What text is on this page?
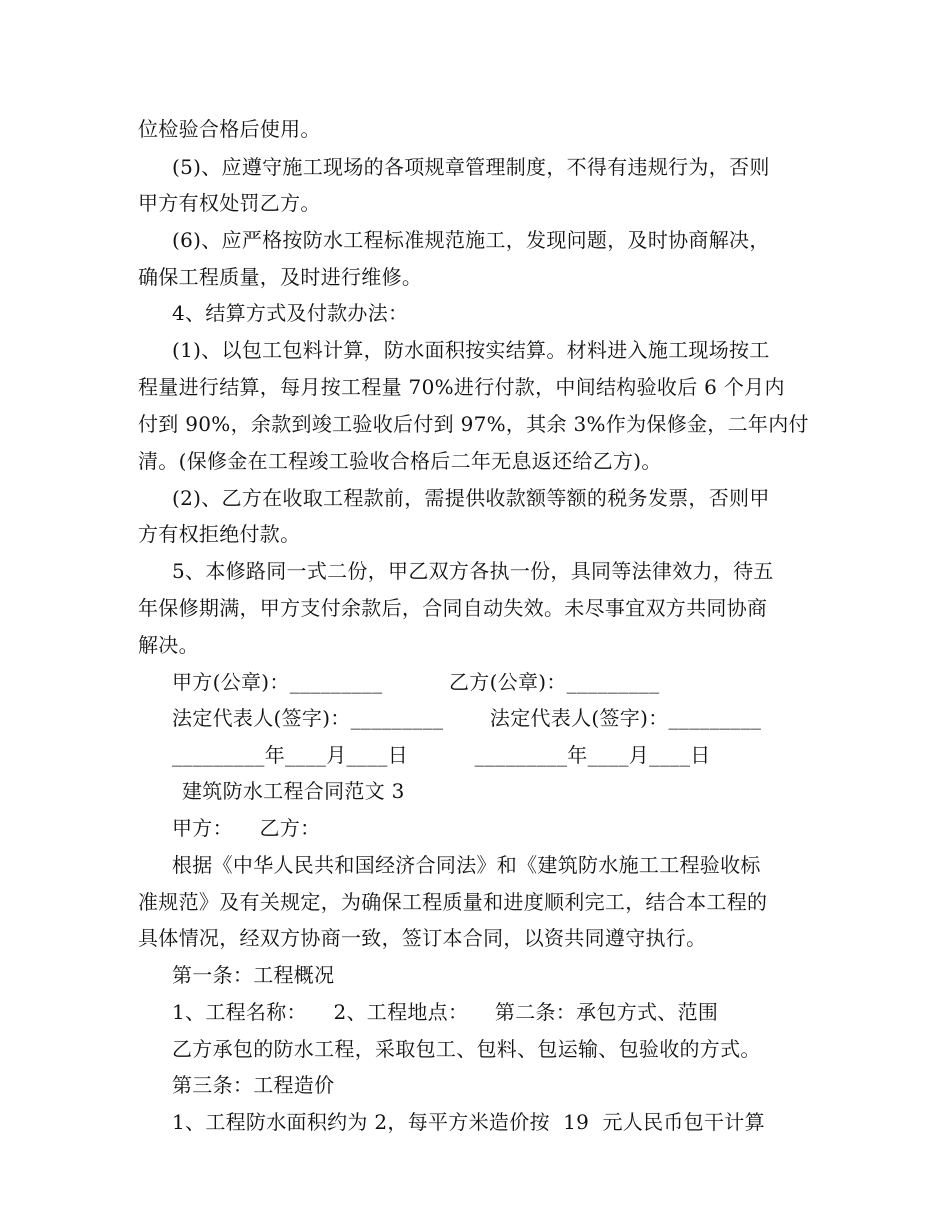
位检验合格后使用。
(5)、应遵守施工现场的各项规章管理制度，不得有违规行为，否则
甲方有权处罚乙方。
(6)、应严格按防水工程标准规范施工，发现问题，及时协商解决，
确保工程质量，及时进行维修。
4、结算方式及付款办法：
(1)、以包工包料计算，防水面积按实结算。材料进入施工现场按工
程量进行结算，每月按工程量 70%进行付款，中间结构验收后 6 个月内
付到 90%，余款到竣工验收后付到 97%，其余 3%作为保修金，二年内付
清。(保修金在工程竣工验收合格后二年无息返还给乙方)。
(2)、乙方在收取工程款前，需提供收款额等额的税务发票，否则甲
方有权拒绝付款。
5、本修路同一式二份，甲乙双方各执一份，具同等法律效力，待五
年保修期满，甲方支付余款后，合同自动失效。未尽事宜双方共同协商
解决。
甲方(公章)：_________          乙方(公章)：_________
法定代表人(签字)：_________       法定代表人(签字)：_________
_________年____月____日          _________年____月____日
建筑防水工程合同范文 3
甲方：    乙方：
根据《中华人民共和国经济合同法》和《建筑防水施工工程验收标
准规范》及有关规定，为确保工程质量和进度顺利完工，结合本工程的
具体情况，经双方协商一致，签订本合同，以资共同遵守执行。
第一条：工程概况
1、工程名称：    2、工程地点：    第二条：承包方式、范围
乙方承包的防水工程，采取包工、包料、包运输、包验收的方式。
第三条：工程造价
1、工程防水面积约为 2，每平方米造价按  19  元人民币包干计算
